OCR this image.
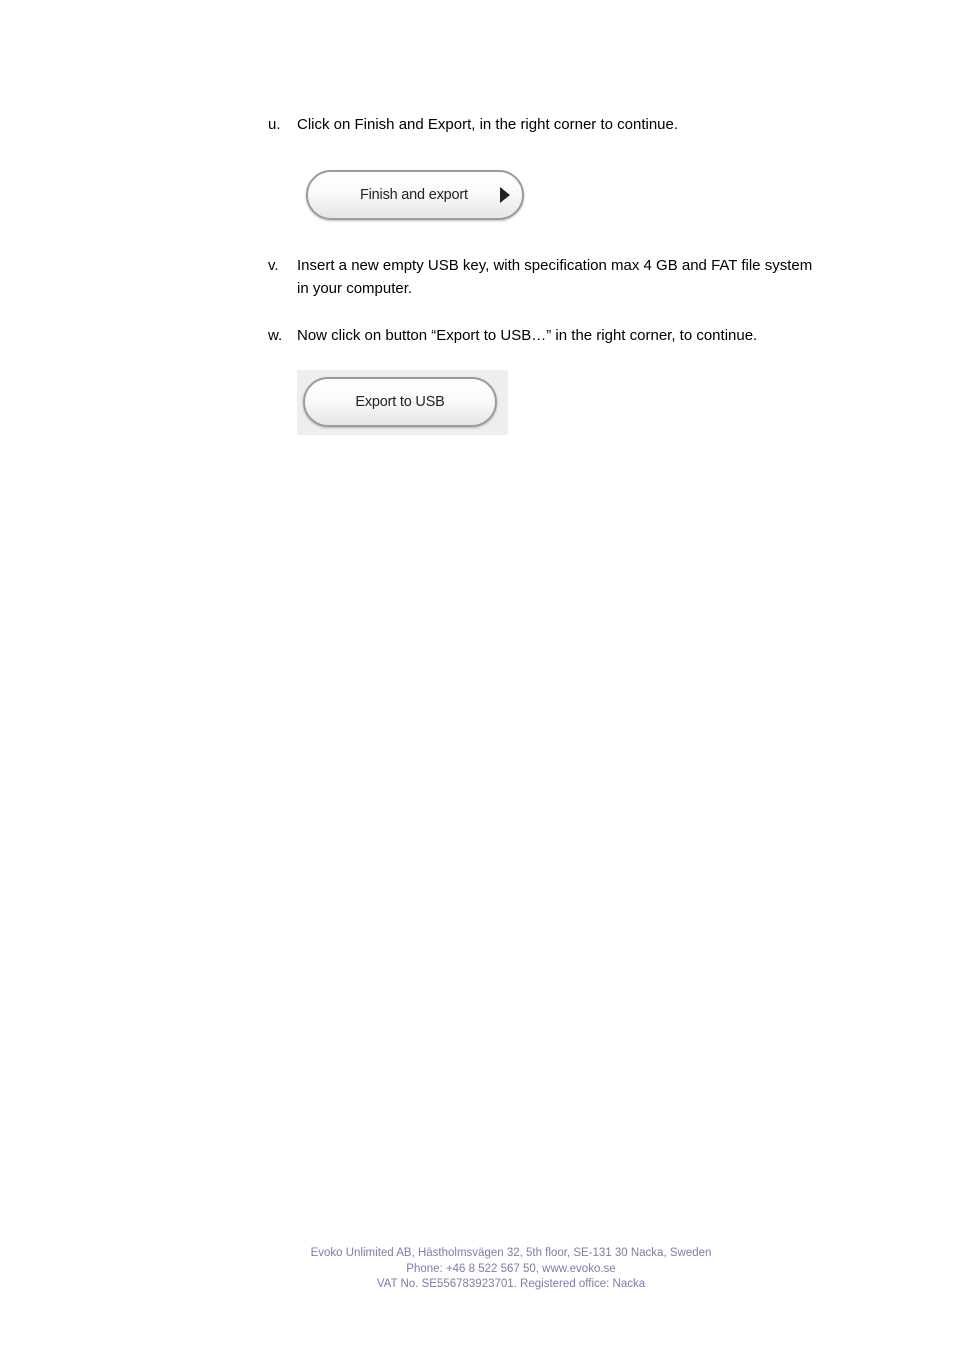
u.	Click on Finish and Export, in the right corner to continue.
Finish and export
v.	Insert a new empty USB key, with specification max 4 GB and FAT file system in your computer.
w. Now click on button “Export to USB…” in the right corner, to continue.
Export to USB
Evoko Unlimited AB, Hästholmsvägen 32, 5th floor, SE-131 30 Nacka, Sweden
Phone: +46 8 522 567 50, www.evoko.se
VAT No. SE556783923701. Registered office: Nacka
